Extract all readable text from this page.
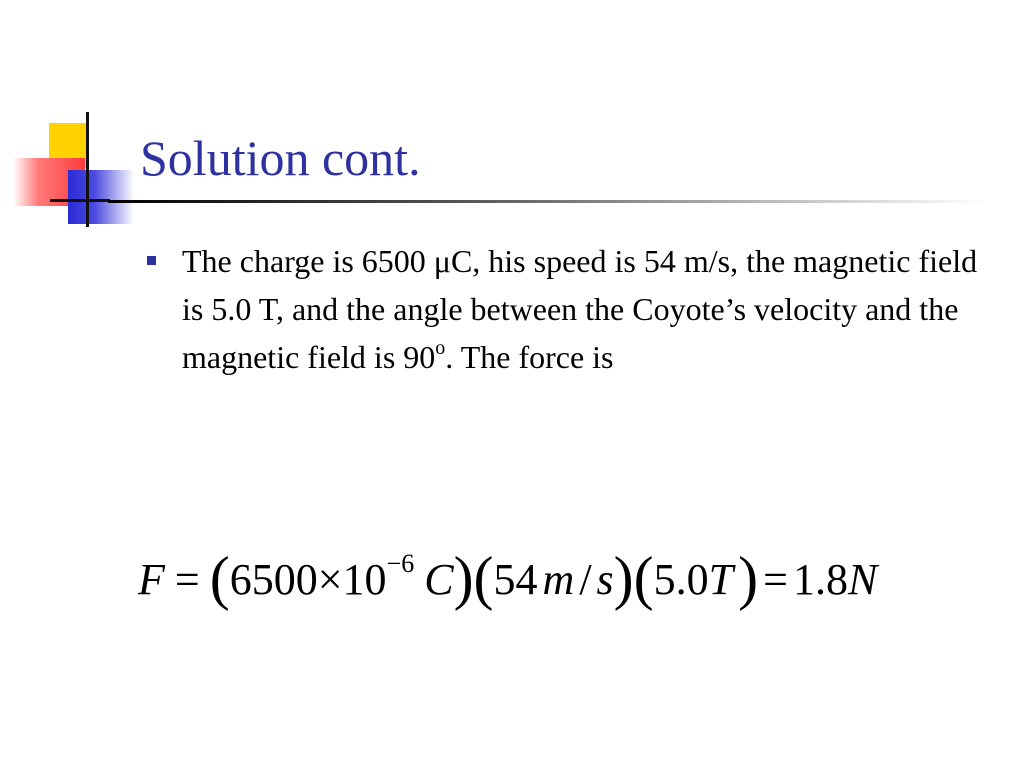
Solution cont.
The charge is 6500 μC, his speed is 54 m/s, the magnetic field is 5.0 T, and the angle between the Coyote’s velocity and the magnetic field is 90$^o$. The force is
$F = (6500\times 10^{-6}$ C)(54 m / s)(5.0T) = 1.8N
